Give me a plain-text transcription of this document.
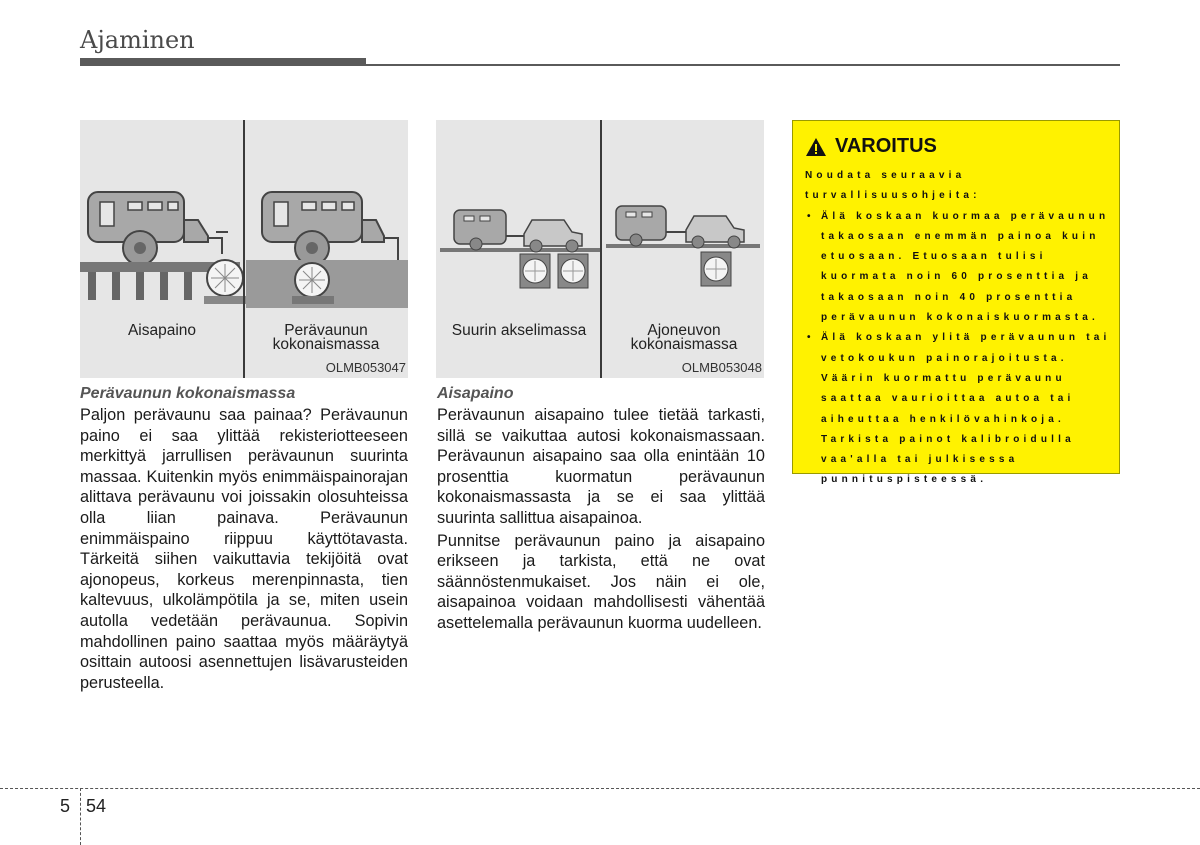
Ajaminen
Aisapaino	Perävaunun
kokonaismassa
OLMB053047
Suurin akselimassa	Ajoneuvon
kokonaismassa
OLMB053048
Perävaunun kokonaismassa

Paljon perävaunu saa painaa? Perävaunun paino ei saa ylittää rekisteriotteeseen merkittyä jarrullisen perävaunun suurinta massaa. Kuitenkin myös enimmäispainorajan alittava perävaunu voi joissakin olosuhteissa olla liian painava. Perävaunun enimmäispaino riippuu käyttötavasta. Tärkeitä siihen vaikuttavia tekijöitä ovat ajonopeus, korkeus merenpinnasta, tien kaltevuus, ulkolämpötila ja se, miten usein autolla vedetään perävaunua. Sopivin mahdollinen paino saattaa myös määräytyä osittain autoosi asennettujen lisävarusteiden perusteella.

Aisapaino

Perävaunun aisapaino tulee tietää tarkasti, sillä se vaikuttaa autosi kokonaismassaan. Perävaunun aisapaino saa olla enintään 10 prosenttia kuormatun perävaunun kokonaismassasta ja se ei saa ylittää suurinta sallittua aisapainoa.

Punnitse perävaunun paino ja aisapaino erikseen ja tarkista, että ne ovat säännöstenmukaiset. Jos näin ei ole, aisapainoa voidaan mahdollisesti vähentää asettelemalla perävaunun kuorma uudelleen.

VAROITUS

Noudata seuraavia turvallisuusohjeita:

• Älä koskaan kuormaa perävaunun takaosaan enemmän painoa kuin etuosaan. Etuosaan tulisi kuormata noin 60 prosenttia ja takaosaan noin 40 prosenttia perävaunun kokonaiskuormasta.
• Älä koskaan ylitä perävaunun tai vetokoukun painorajoitusta. Väärin kuormattu perävaunu saattaa vaurioittaa autoa tai aiheuttaa henkilövahinkoja. Tarkista painot kalibroidulla vaa'alla tai julkisessa punnituspisteessä.
5 54
